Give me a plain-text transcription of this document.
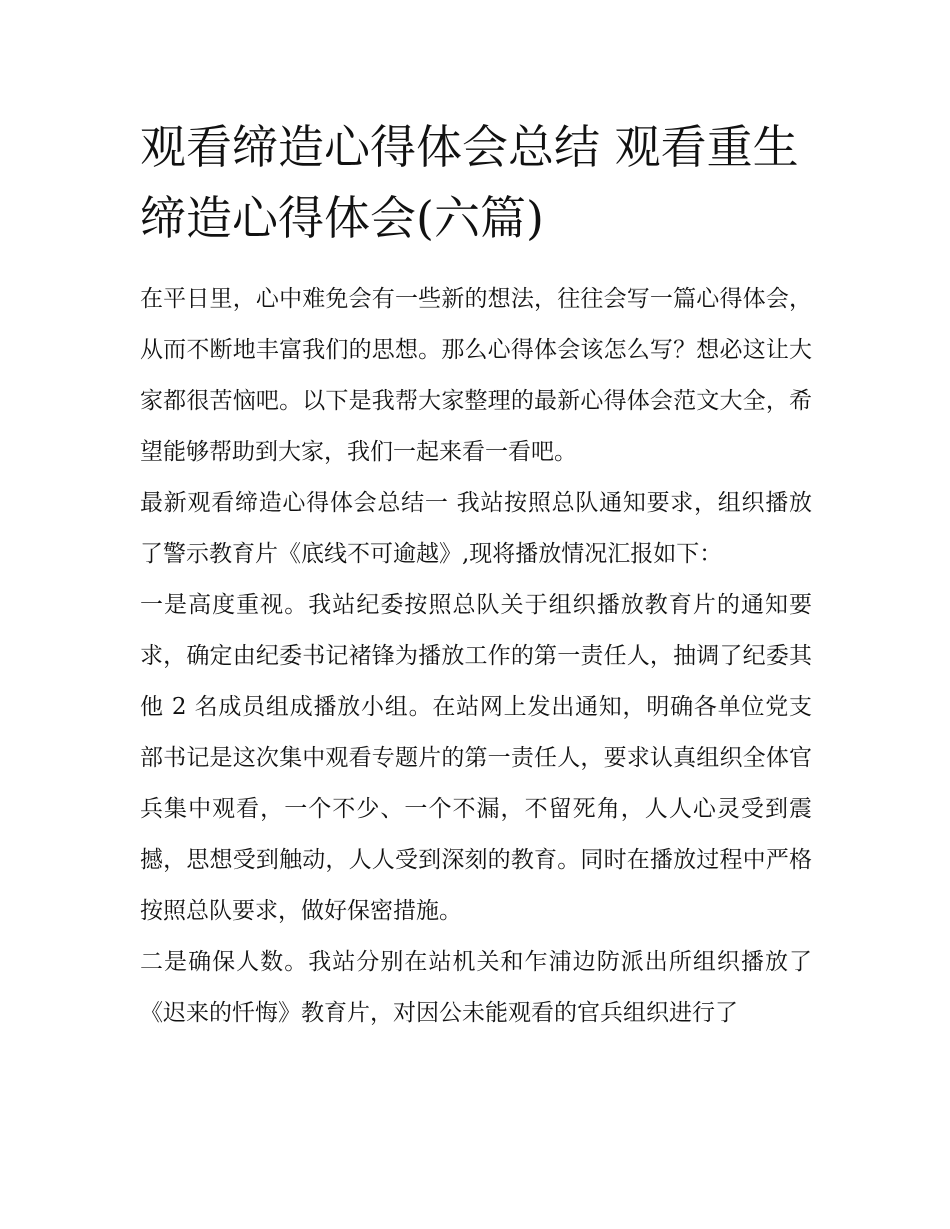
观看缔造心得体会总结 观看重生缔造心得体会(六篇)

在平日里，心中难免会有一些新的想法，往往会写一篇心得体会，从而不断地丰富我们的思想。那么心得体会该怎么写？想必这让大家都很苦恼吧。以下是我帮大家整理的最新心得体会范文大全，希望能够帮助到大家，我们一起来看一看吧。

最新观看缔造心得体会总结一 我站按照总队通知要求，组织播放了警示教育片《底线不可逾越》,现将播放情况汇报如下：

一是高度重视。我站纪委按照总队关于组织播放教育片的通知要求，确定由纪委书记褚锋为播放工作的第一责任人，抽调了纪委其他 2 名成员组成播放小组。在站网上发出通知，明确各单位党支部书记是这次集中观看专题片的第一责任人，要求认真组织全体官兵集中观看，一个不少、一个不漏，不留死角，人人心灵受到震撼，思想受到触动，人人受到深刻的教育。同时在播放过程中严格按照总队要求，做好保密措施。

二是确保人数。我站分别在站机关和乍浦边防派出所组织播放了《迟来的忏悔》教育片，对因公未能观看的官兵组织进行了
